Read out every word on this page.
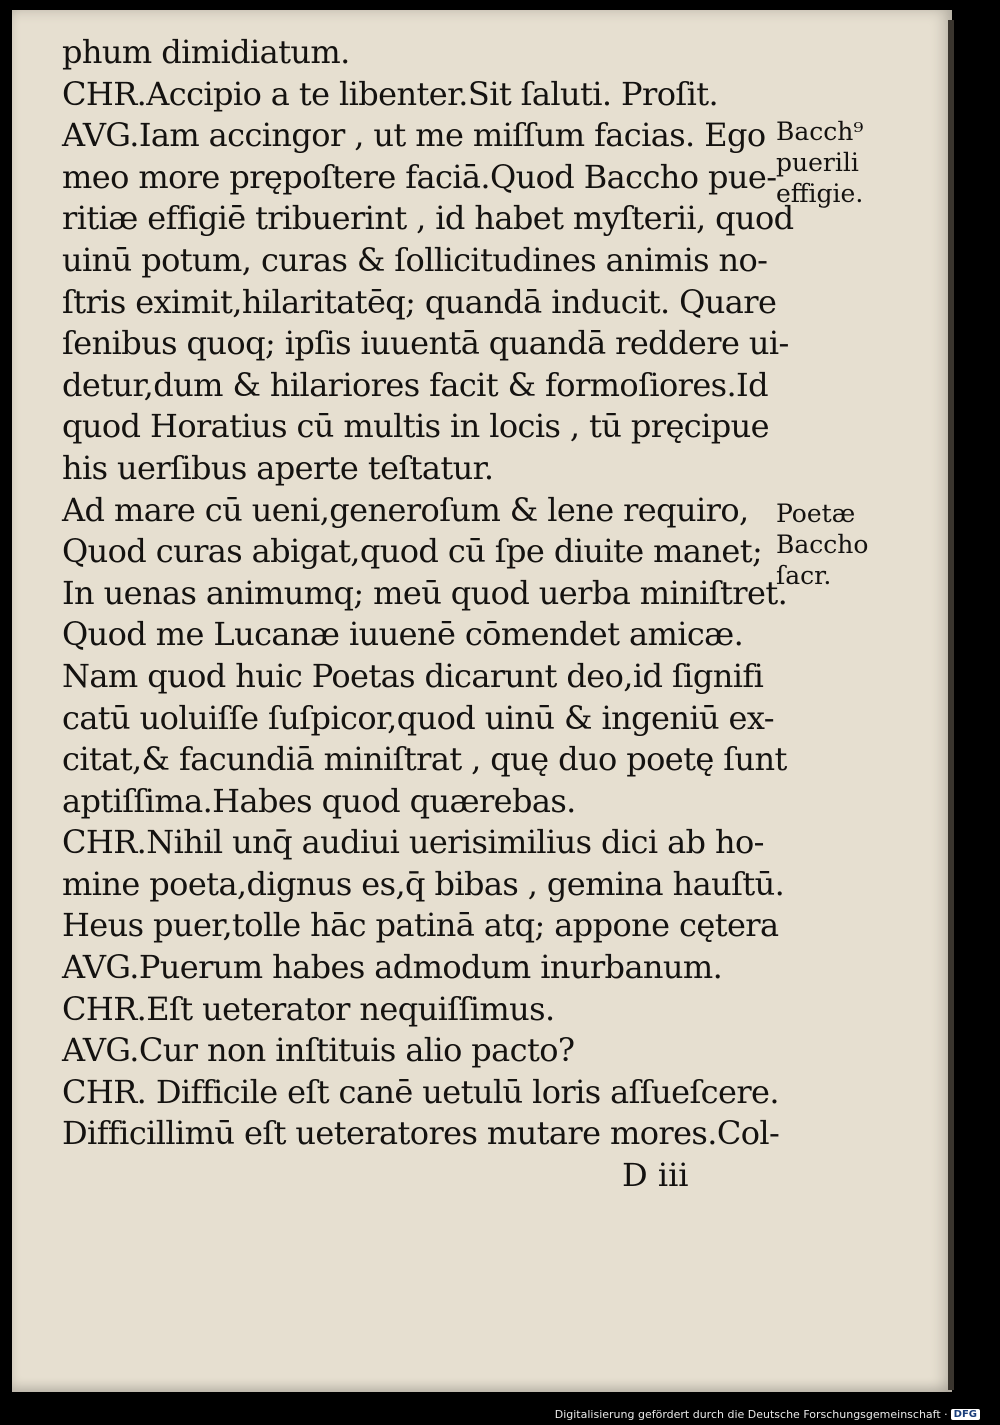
phum dimidiatum.
CHR.Accipio a te libenter.Sit ſaluti. Proſit.
AVG.Iam accingor , ut me miſſum facias. Ego
meo more prępoſtere faciā.Quod Baccho pue-
ritiæ effigiē tribuerint , id habet myſterii, quod
uinū potum, curas & ſollicitudines animis no-
ſtris eximit,hilaritatēq; quandā inducit. Quare
ſenibus quoq; ipſis iuuentā quandā reddere ui-
detur,dum & hilariores facit & formoſiores.Id
quod Horatius cū multis in locis , tū pręcipue
his uerſibus aperte teſtatur.
Ad mare cū ueni,generoſum & lene requiro,
Quod curas abigat,quod cū ſpe diuite manet;
In uenas animumq; meū quod uerba miniſtret.
Quod me Lucanæ iuuenē cōmendet amicæ.
Nam quod huic Poetas dicarunt deo,id ſignifi
catū uoluiſſe ſuſpicor,quod uinū & ingeniū ex-
citat,& facundiā miniſtrat , quę duo poetę ſunt
aptiſſima.Habes quod quærebas.
CHR.Nihil unq̄ audiui uerisimilius dici ab ho-
mine poeta,dignus es,q̄ bibas , gemina hauſtū.
Heus puer,tolle hāc patinā atq; appone cętera
AVG.Puerum habes admodum inurbanum.
CHR.Eſt ueterator nequiſſimus.
AVG.Cur non inſtituis alio pacto?
CHR. Difficile eſt canē uetulū loris aſſueſcere.
Difficillimū eſt ueteratores mutare mores.Col-
D iii
Bacch⁹
puerili
effigie.
Poetæ
Baccho
ſacr.
Digitalisierung gefördert durch die Deutsche Forschungsgemeinschaft · DFG
